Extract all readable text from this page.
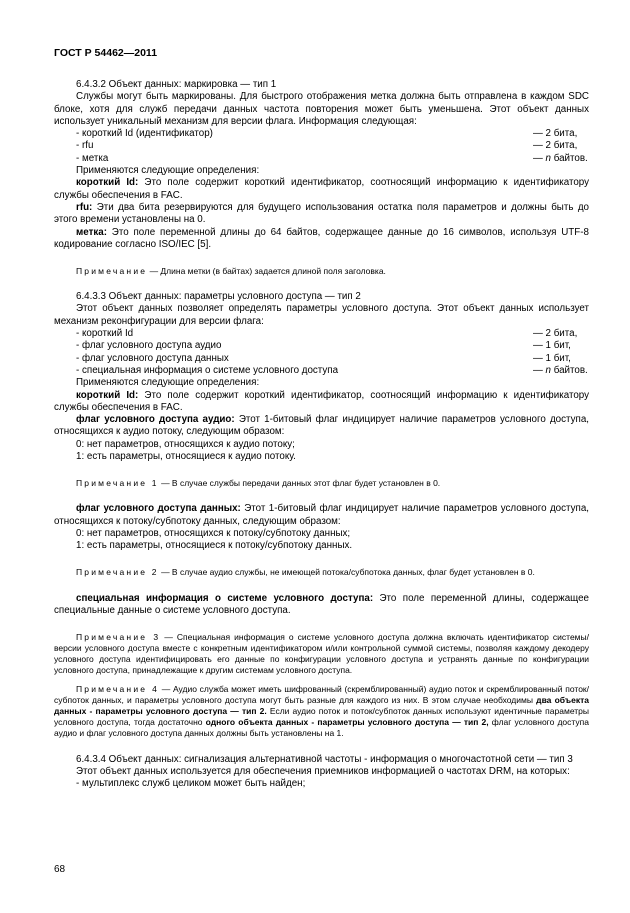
ГОСТ Р 54462—2011

6.4.3.2 Объект данных: маркировка — тип 1

Службы могут быть маркированы. Для быстрого отображения метка должна быть отправлена в каждом SDC блоке, хотя для служб передачи данных частота повторения может быть уменьшена. Этот объект данных использует уникальный механизм для версии флага. Информация следующая:

- короткий Id (идентификатор)	— 2 бита,
- rfu	— 2 бита,
- метка	— n байтов.

Применяются следующие определения:

короткий Id: Это поле содержит короткий идентификатор, соотносящий информацию к идентификатору службы обеспечения в FAC.

rfu: Эти два бита резервируются для будущего использования остатка поля параметров и должны быть до этого времени установлены на 0.

метка: Это поле переменной длины до 64 байтов, содержащее данные до 16 символов, используя UTF-8 кодирование согласно ISO/IEC [5].

Примечание — Длина метки (в байтах) задается длиной поля заголовка.

6.4.3.3 Объект данных: параметры условного доступа — тип 2

Этот объект данных позволяет определять параметры условного доступа. Этот объект данных использует механизм реконфигурации для версии флага:

- короткий Id	— 2 бита,
- флаг условного доступа аудио	— 1 бит,
- флаг условного доступа данных	— 1 бит,
- специальная информация о системе условного доступа	— n байтов.

Применяются следующие определения:

короткий Id: Это поле содержит короткий идентификатор, соотносящий информацию к идентификатору службы обеспечения в FAC.

флаг условного доступа аудио: Этот 1-битовый флаг индицирует наличие параметров условного доступа, относящихся к аудио потоку, следующим образом:

0: нет параметров, относящихся к аудио потоку;

1: есть параметры, относящиеся к аудио потоку.

Примечание 1 — В случае службы передачи данных этот флаг будет установлен в 0.

флаг условного доступа данных: Этот 1-битовый флаг индицирует наличие параметров условного доступа, относящихся к потоку/субпотоку данных, следующим образом:

0: нет параметров, относящихся к потоку/субпотоку данных;

1: есть параметры, относящиеся к потоку/субпотоку данных.

Примечание 2 — В случае аудио службы, не имеющей потока/субпотока данных, флаг будет установлен в 0.

специальная информация о системе условного доступа: Это поле переменной длины, содержащее специальные данные о системе условного доступа.

Примечание 3 — Специальная информация о системе условного доступа должна включать идентификатор системы/версии условного доступа вместе с конкретным идентификатором и/или контрольной суммой системы, позволяя каждому декодеру условного доступа идентифицировать его данные по конфигурации условного доступа и устранять данные по конфигурации условного доступа, принадлежащие к другим системам условного доступа.

Примечание 4 — Аудио служба может иметь шифрованный (скремблированный) аудио поток и скремблированный поток/субпоток данных, и параметры условного доступа могут быть разные для каждого из них. В этом случае необходимы два объекта данных - параметры условного доступа — тип 2. Если аудио поток и поток/субпоток данных используют идентичные параметры условного доступа, тогда достаточно одного объекта данных - параметры условного доступа — тип 2, флаг условного доступа аудио и флаг условного доступа данных должны быть установлены на 1.

6.4.3.4 Объект данных: сигнализация альтернативной частоты - информация о многочастотной сети — тип 3

Этот объект данных используется для обеспечения приемников информацией о частотах DRM, на которых:

- мультиплекс служб целиком может быть найден;

68
